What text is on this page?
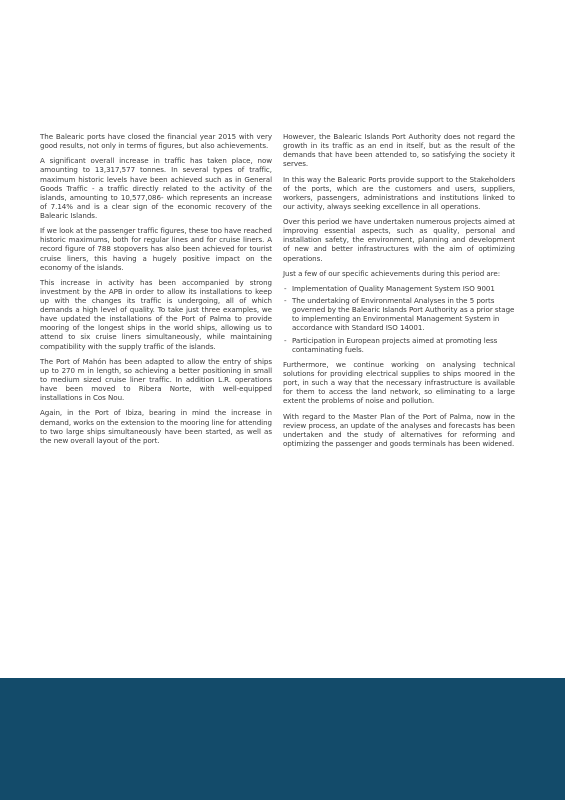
The Balearic ports have closed the financial year 2015 with very good results, not only in terms of figures, but also achievements.

A significant overall increase in traffic has taken place, now amounting to 13,317,577 tonnes. In several types of traffic, maximum historic levels have been achieved such as in General Goods Traffic - a traffic directly related to the activity of the islands, amounting to 10,577,086- which represents an increase of 7.14% and is a clear sign of the economic recovery of the Balearic Islands.

If we look at the passenger traffic figures, these too have reached historic maximums, both for regular lines and for cruise liners. A record figure of 788 stopovers has also been achieved for tourist cruise liners, this having a hugely positive impact on the economy of the islands.

This increase in activity has been accompanied by strong investment by the APB in order to allow its installations to keep up with the changes its traffic is undergoing, all of which demands a high level of quality. To take just three examples, we have updated the installations of the Port of Palma to provide mooring of the longest ships in the world ships, allowing us to attend to six cruise liners simultaneously, while maintaining compatibility with the supply traffic of the islands.

The Port of Mahón has been adapted to allow the entry of ships up to 270 m in length, so achieving a better positioning in small to medium sized cruise liner traffic. In addition L.R. operations have been moved to Ribera Norte, with well-equipped installations in Cos Nou.

Again, in the Port of Ibiza, bearing in mind the increase in demand, works on the extension to the mooring line for attending to two large ships simultaneously have been started, as well as the new overall layout of the port.

However, the Balearic Islands Port Authority does not regard the growth in its traffic as an end in itself, but as the result of the demands that have been attended to, so satisfying the society it serves.

In this way the Balearic Ports provide support to the Stakeholders of the ports, which are the customers and users, suppliers, workers, passengers, administrations and institutions linked to our activity, always seeking excellence in all operations.

Over this period we have undertaken numerous projects aimed at improving essential aspects, such as quality, personal and installation safety, the environment, planning and development of new and better infrastructures with the aim of optimizing operations.

Just a few of our specific achievements during this period are:

- Implementation of Quality Management System ISO 9001
- The undertaking of Environmental Analyses in the 5 ports governed by the Balearic Islands Port Authority as a prior stage to implementing an Environmental Management System in accordance with Standard ISO 14001.
- Participation in European projects aimed at promoting less contaminating fuels.

Furthermore, we continue working on analysing technical solutions for providing electrical supplies to ships moored in the port, in such a way that the necessary infrastructure is available for them to access the land network, so eliminating to a large extent the problems of noise and pollution.

With regard to the Master Plan of the Port of Palma, now in the review process, an update of the analyses and forecasts has been undertaken and the study of alternatives for reforming and optimizing the passenger and goods terminals has been widened.
